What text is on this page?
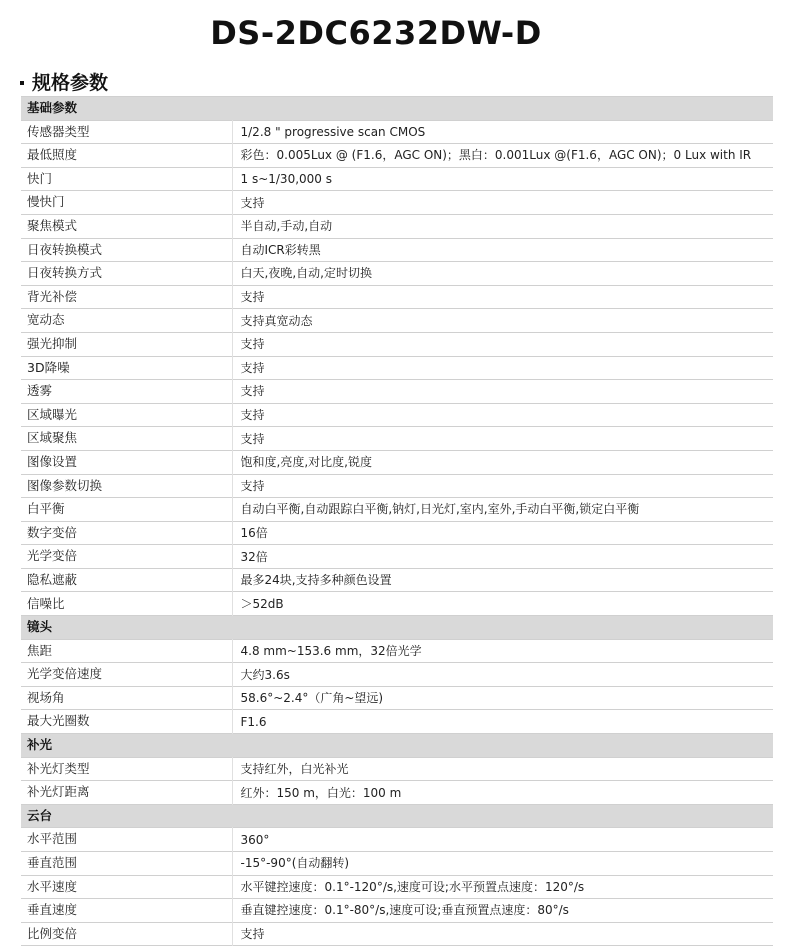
DS-2DC6232DW-D
规格参数
基础参数	
传感器类型	1/2.8 " progressive scan CMOS
最低照度	彩色：0.005Lux @ (F1.6，AGC ON)；黑白：0.001Lux @(F1.6，AGC ON)；0 Lux with IR
快门	1 s~1/30,000 s
慢快门	支持
聚焦模式	半自动,手动,自动
日夜转换模式	自动ICR彩转黑
日夜转换方式	白天,夜晚,自动,定时切换
背光补偿	支持
宽动态	支持真宽动态
强光抑制	支持
3D降噪	支持
透雾	支持
区域曝光	支持
区域聚焦	支持
图像设置	饱和度,亮度,对比度,锐度
图像参数切换	支持
白平衡	自动白平衡,自动跟踪白平衡,钠灯,日光灯,室内,室外,手动白平衡,锁定白平衡
数字变倍	16倍
光学变倍	32倍
隐私遮蔽	最多24块,支持多种颜色设置
信噪比	＞52dB
镜头	
焦距	4.8 mm~153.6 mm，32倍光学
光学变倍速度	大约3.6s
视场角	58.6°~2.4°（广角~望远)
最大光圈数	F1.6
补光	
补光灯类型	支持红外，白光补光
补光灯距离	红外：150 m，白光：100 m
云台	
水平范围	360°
垂直范围	-15°-90°(自动翻转)
水平速度	水平键控速度：0.1°-120°/s,速度可设;水平预置点速度：120°/s
垂直速度	垂直键控速度：0.1°-80°/s,速度可设;垂直预置点速度：80°/s
比例变倍	支持
